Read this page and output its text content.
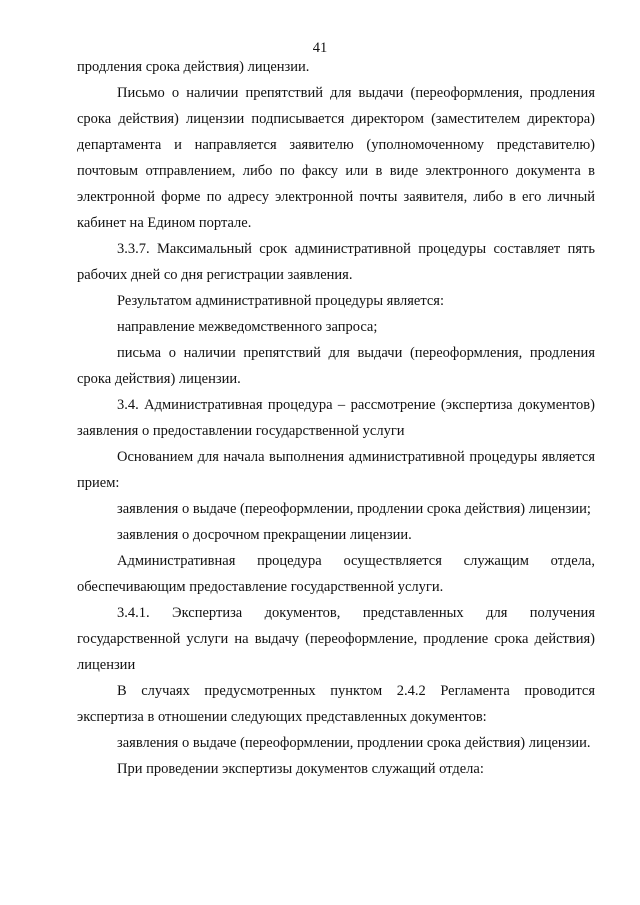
41

продления срока действия) лицензии.

Письмо о наличии препятствий для выдачи (переоформления, продления срока действия) лицензии подписывается директором (заместителем директора) департамента и направляется заявителю (уполномоченному представителю) почтовым отправлением, либо по факсу или в виде электронного документа в электронной форме по адресу электронной почты заявителя, либо в его личный кабинет на Едином портале.

3.3.7. Максимальный срок административной процедуры составляет пять рабочих дней со дня регистрации заявления.

Результатом административной процедуры является:

направление межведомственного запроса;

письма о наличии препятствий для выдачи (переоформления, продления срока действия) лицензии.

3.4. Административная процедура – рассмотрение (экспертиза документов) заявления о предоставлении государственной услуги

Основанием для начала выполнения административной процедуры является прием:

заявления о выдаче (переоформлении, продлении срока действия) лицензии;

заявления о досрочном прекращении лицензии.

Административная процедура осуществляется служащим отдела, обеспечивающим предоставление государственной услуги.

3.4.1. Экспертиза документов, представленных для получения государственной услуги на выдачу (переоформление, продление срока действия) лицензии

В случаях предусмотренных пунктом 2.4.2 Регламента проводится экспертиза в отношении следующих представленных документов:

заявления о выдаче (переоформлении, продлении срока действия) лицензии.

При проведении экспертизы документов служащий отдела:
